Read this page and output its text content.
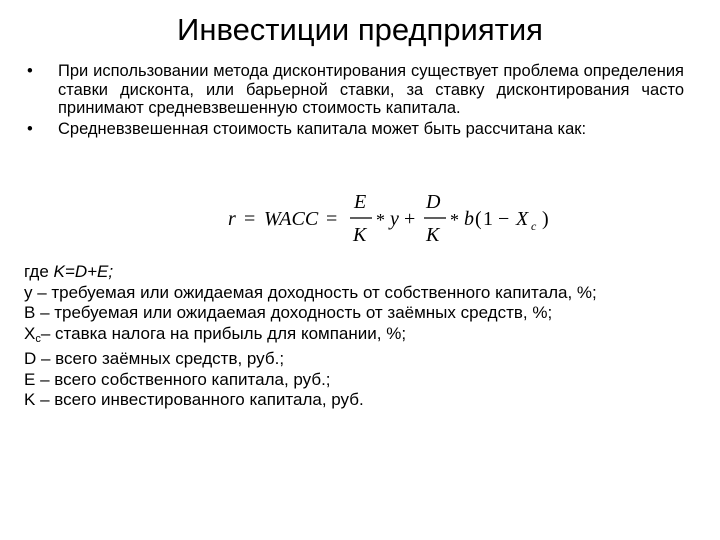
Инвестиции предприятия
• При использовании метода дисконтирования существует проблема определения ставки дисконта, или барьерной ставки, за ставку дисконтирования часто принимают средневзвешенную стоимость капитала.
• Средневзвешенная стоимость капитала может быть рассчитана как:
r = WACC =
E
K
* y +
D
K
* b ( 1 − X c )
где K=D+E;
y – требуемая или ожидаемая доходность от собственного капитала, %;
B – требуемая или ожидаемая доходность от заёмных средств, %;
$X_c-$ ставка налога на прибыль для компании, %;
D – всего заёмных средств, руб.;
E – всего собственного капитала, руб.;
K – всего инвестированного капитала, руб.
